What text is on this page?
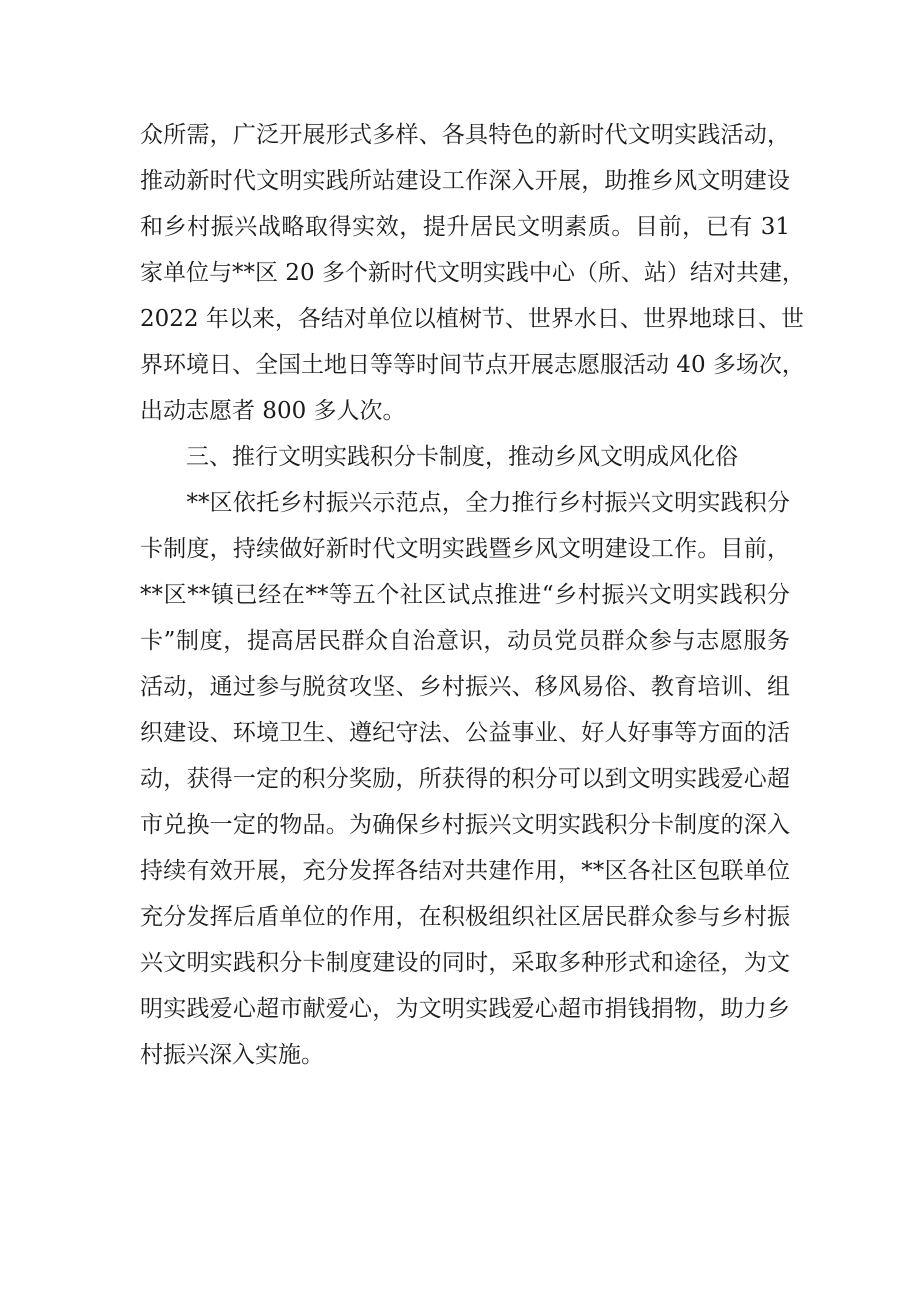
众所需，广泛开展形式多样、各具特色的新时代文明实践活动，
推动新时代文明实践所站建设工作深入开展，助推乡风文明建设
和乡村振兴战略取得实效，提升居民文明素质。目前，已有 31
家单位与**区 20 多个新时代文明实践中心（所、站）结对共建，
2022 年以来，各结对单位以植树节、世界水日、世界地球日、世
界环境日、全国土地日等等时间节点开展志愿服活动 40 多场次，
出动志愿者 800 多人次。
　　三、推行文明实践积分卡制度，推动乡风文明成风化俗
　　**区依托乡村振兴示范点，全力推行乡村振兴文明实践积分
卡制度，持续做好新时代文明实践暨乡风文明建设工作。目前，
**区**镇已经在**等五个社区试点推进“乡村振兴文明实践积分
卡”制度，提高居民群众自治意识，动员党员群众参与志愿服务
活动，通过参与脱贫攻坚、乡村振兴、移风易俗、教育培训、组
织建设、环境卫生、遵纪守法、公益事业、好人好事等方面的活
动，获得一定的积分奖励，所获得的积分可以到文明实践爱心超
市兑换一定的物品。为确保乡村振兴文明实践积分卡制度的深入
持续有效开展，充分发挥各结对共建作用，**区各社区包联单位
充分发挥后盾单位的作用，在积极组织社区居民群众参与乡村振
兴文明实践积分卡制度建设的同时，采取多种形式和途径，为文
明实践爱心超市献爱心，为文明实践爱心超市捐钱捐物，助力乡
村振兴深入实施。
